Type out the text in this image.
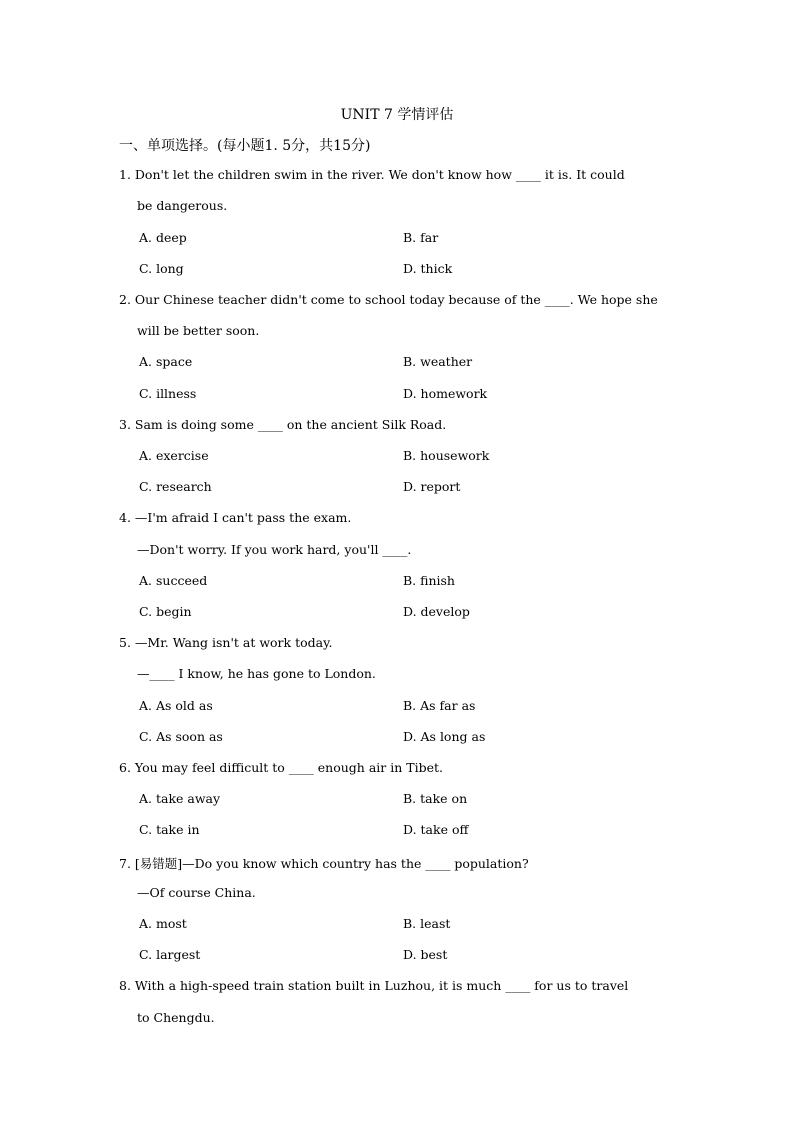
UNIT 7 学情评估
一、单项选择。(每小题1. 5分，共15分)
1. Don't let the children swim in the river. We don't know how ____ it is. It could
be dangerous.
A. deep	B. far
C. long	D. thick
2. Our Chinese teacher didn't come to school today because of the ____. We hope she
will be better soon.
A. space	B. weather
C. illness	D. homework
3. Sam is doing some ____ on the ancient Silk Road.
A. exercise	B. housework
C. research	D. report
4. —I'm afraid I can't pass the exam.
—Don't worry. If you work hard, you'll ____.
A. succeed	B. finish
C. begin	D. develop
5. —Mr. Wang isn't at work today.
—____ I know, he has gone to London.
A. As old as	B. As far as
C. As soon as	D. As long as
6. You may feel difficult to ____ enough air in Tibet.
A. take away	B. take on
C. take in	D. take off
7. [易错题]—Do you know which country has the ____ population?
—Of course China.
A. most	B. least
C. largest	D. best
8. With a high-speed train station built in Luzhou, it is much ____ for us to travel
to Chengdu.
